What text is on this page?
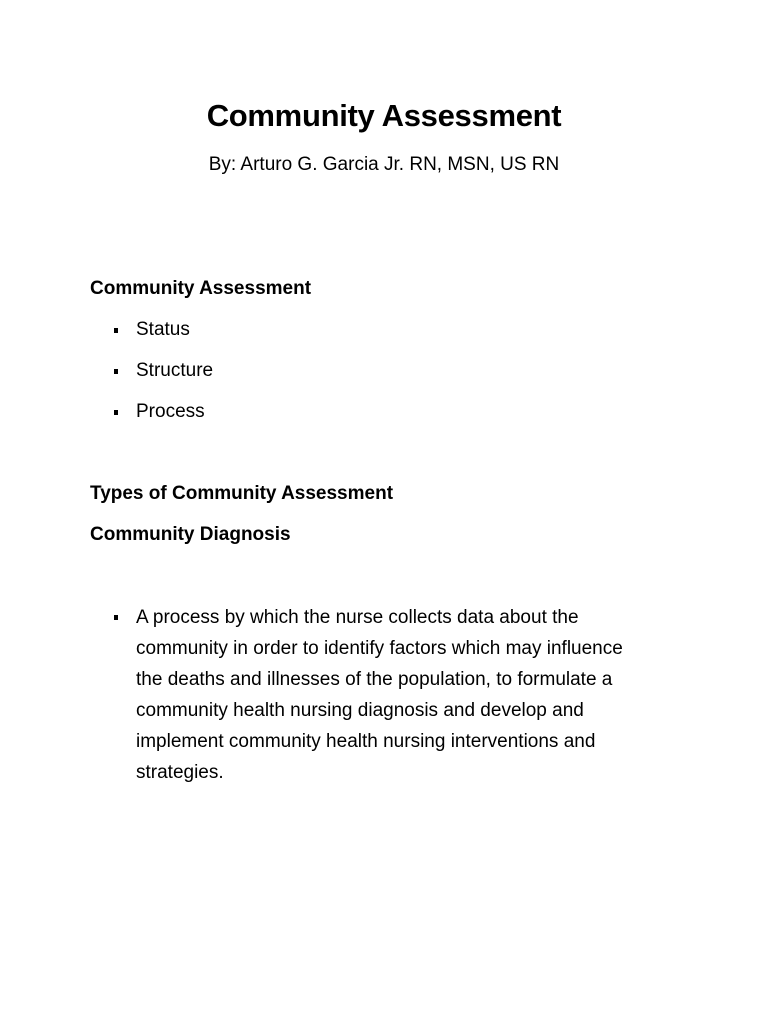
Community Assessment
By: Arturo G. Garcia Jr. RN, MSN, US RN
Community Assessment
Status
Structure
Process
Types of Community Assessment
Community Diagnosis
A process by which the nurse collects data about the community in order to identify factors which may influence the deaths and illnesses of the population, to formulate a community health nursing diagnosis and develop and implement community health nursing interventions and strategies.
